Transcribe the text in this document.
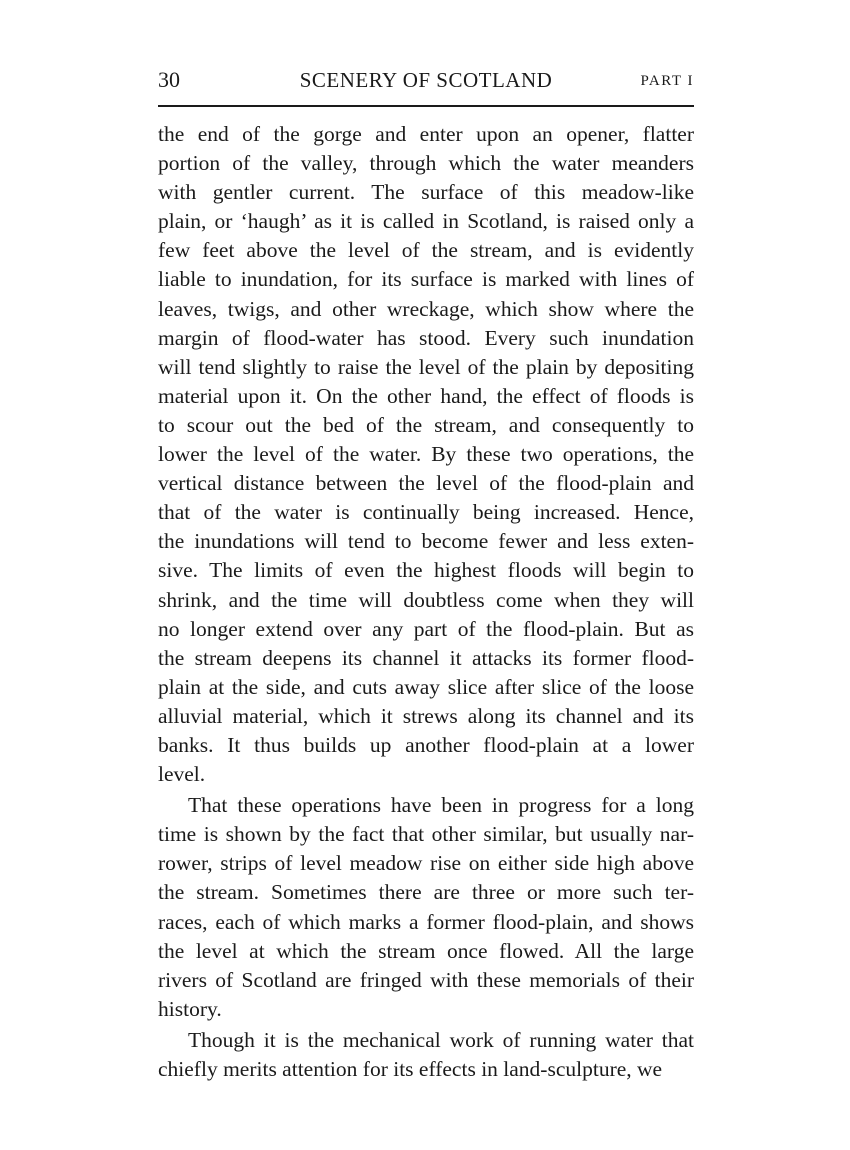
30	SCENERY OF SCOTLAND	PART I
the end of the gorge and enter upon an opener, flatter
portion of the valley, through which the water meanders
with gentler current. The surface of this meadow-like
plain, or ‘haugh’ as it is called in Scotland, is raised only a
few feet above the level of the stream, and is evidently
liable to inundation, for its surface is marked with lines of
leaves, twigs, and other wreckage, which show where the
margin of flood-water has stood. Every such inundation
will tend slightly to raise the level of the plain by depositing
material upon it. On the other hand, the effect of floods is
to scour out the bed of the stream, and consequently to
lower the level of the water. By these two operations, the
vertical distance between the level of the flood-plain and
that of the water is continually being increased. Hence,
the inundations will tend to become fewer and less exten-
sive. The limits of even the highest floods will begin to
shrink, and the time will doubtless come when they will
no longer extend over any part of the flood-plain. But as
the stream deepens its channel it attacks its former flood-
plain at the side, and cuts away slice after slice of the loose
alluvial material, which it strews along its channel and its
banks. It thus builds up another flood-plain at a lower
level.
That these operations have been in progress for a long
time is shown by the fact that other similar, but usually nar-
rower, strips of level meadow rise on either side high above
the stream. Sometimes there are three or more such ter-
races, each of which marks a former flood-plain, and shows
the level at which the stream once flowed. All the large
rivers of Scotland are fringed with these memorials of their
history.
Though it is the mechanical work of running water that
chiefly merits attention for its effects in land-sculpture, we
